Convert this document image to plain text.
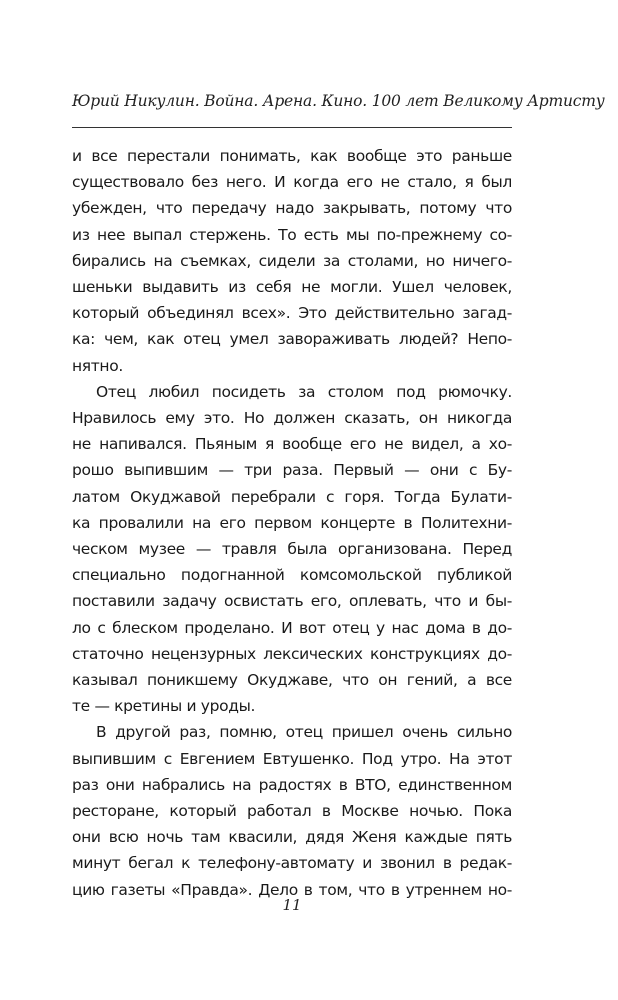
Юрий Никулин. Война. Арена. Кино. 100 лет Великому Артисту

и все перестали понимать, как вообще это раньше
существовало без него. И когда его не стало, я был
убежден, что передачу надо закрывать, потому что
из нее выпал стержень. То есть мы по-прежнему со-
бирались на съемках, сидели за столами, но ничего-
шеньки выдавить из себя не могли. Ушел человек,
который объединял всех». Это действительно загад-
ка: чем, как отец умел завораживать людей? Непо-
нятно.

Отец любил посидеть за столом под рюмочку.
Нравилось ему это. Но должен сказать, он никогда
не напивался. Пьяным я вообще его не видел, а хо-
рошо выпившим — три раза. Первый — они с Бу-
латом Окуджавой перебрали с горя. Тогда Булати-
ка провалили на его первом концерте в Политехни-
ческом музее — травля была организована. Перед
специально подогнанной комсомольской публикой
поставили задачу освистать его, оплевать, что и бы-
ло с блеском проделано. И вот отец у нас дома в до-
статочно нецензурных лексических конструкциях до-
казывал поникшему Окуджаве, что он гений, а все
те — кретины и уроды.

В другой раз, помню, отец пришел очень сильно
выпившим с Евгением Евтушенко. Под утро. На этот
раз они набрались на радостях в ВТО, единственном
ресторане, который работал в Москве ночью. Пока
они всю ночь там квасили, дядя Женя каждые пять
минут бегал к телефону-автомату и звонил в редак-
цию газеты «Правда». Дело в том, что в утреннем но-

11
